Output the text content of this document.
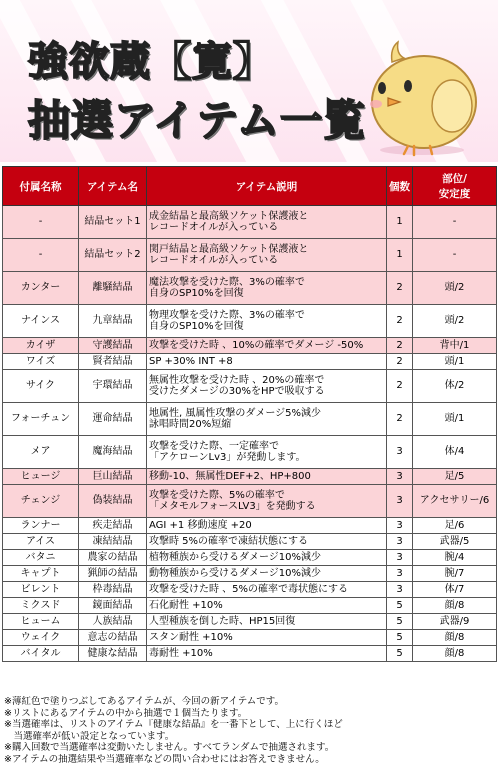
強欲蔵【寛】
抽選アイテム一覧
付属名称	アイテム名	アイテム説明	個数	部位/
安定度
-	結晶セット1	成金結晶と最高級ソケット保護液と
レコードオイルが入っている	1	-
-	結晶セット2	関戸結晶と最高級ソケット保護液と
レコードオイルが入っている	1	-
カンター	離騒結晶	魔法攻撃を受けた際、3%の確率で
自身のSP10%を回復	2	頭/2
ナインス	九章結晶	物理攻撃を受けた際、3%の確率で
自身のSP10%を回復	2	頭/2
カイザ	守護結晶	攻撃を受けた時 、10%の確率でダメージ -50%	2	背中/1
ワイズ	賢者結晶	SP +30% INT +8	2	頭/1
サイク	宇環結晶	無属性攻撃を受けた時 、20%の確率で
受けたダメージの30%をHPで吸収する	2	体/2
フォーチュン	運命結晶	地属性, 風属性攻撃のダメージ5%減少
詠唱時間20%短縮	2	頭/1
メア	魔海結晶	攻撃を受けた際、一定確率で
「アケローンLv3」が発動します。	3	体/4
ヒュージ	巨山結晶	移動-10、無属性DEF+2、HP+800	3	足/5
チェンジ	偽装結晶	攻撃を受けた際、5%の確率で
「メタモルフォースLV3」を発動する	3	アクセサリー/6
ランナー	疾走結晶	AGI +1 移動速度 +20	3	足/6
アイス	凍結結晶	攻撃時 5%の確率で凍結状態にする	3	武器/5
バタニ	農家の結晶	植物種族から受けるダメージ10%減少	3	腕/4
キャプト	猟師の結晶	動物種族から受けるダメージ10%減少	3	腕/7
ビレント	枠毒結晶	攻撃を受けた時 、5%の確率で毒状態にする	3	体/7
ミクスド	鏡面結晶	石化耐性 +10%	5	顔/8
ヒューム	人族結晶	人型種族を倒した時、HP15回復	5	武器/9
ウェイク	意志の結晶	スタン耐性 +10%	5	顔/8
バイタル	健康な結晶	毒耐性 +10%	5	顔/8
※薄紅色で塗りつぶしてあるアイテムが、今回の新アイテムです。
※リストにあるアイテムの中から抽選で１個当たります。
※当選確率は、リストのアイテム『健康な結晶』を一番下として、上に行くほど
　当選確率が低い設定となっています。
※購入回数で当選確率は変動いたしません。すべてランダムで抽選されます。
※アイテムの抽選結果や当選確率などの問い合わせにはお答えできません。
